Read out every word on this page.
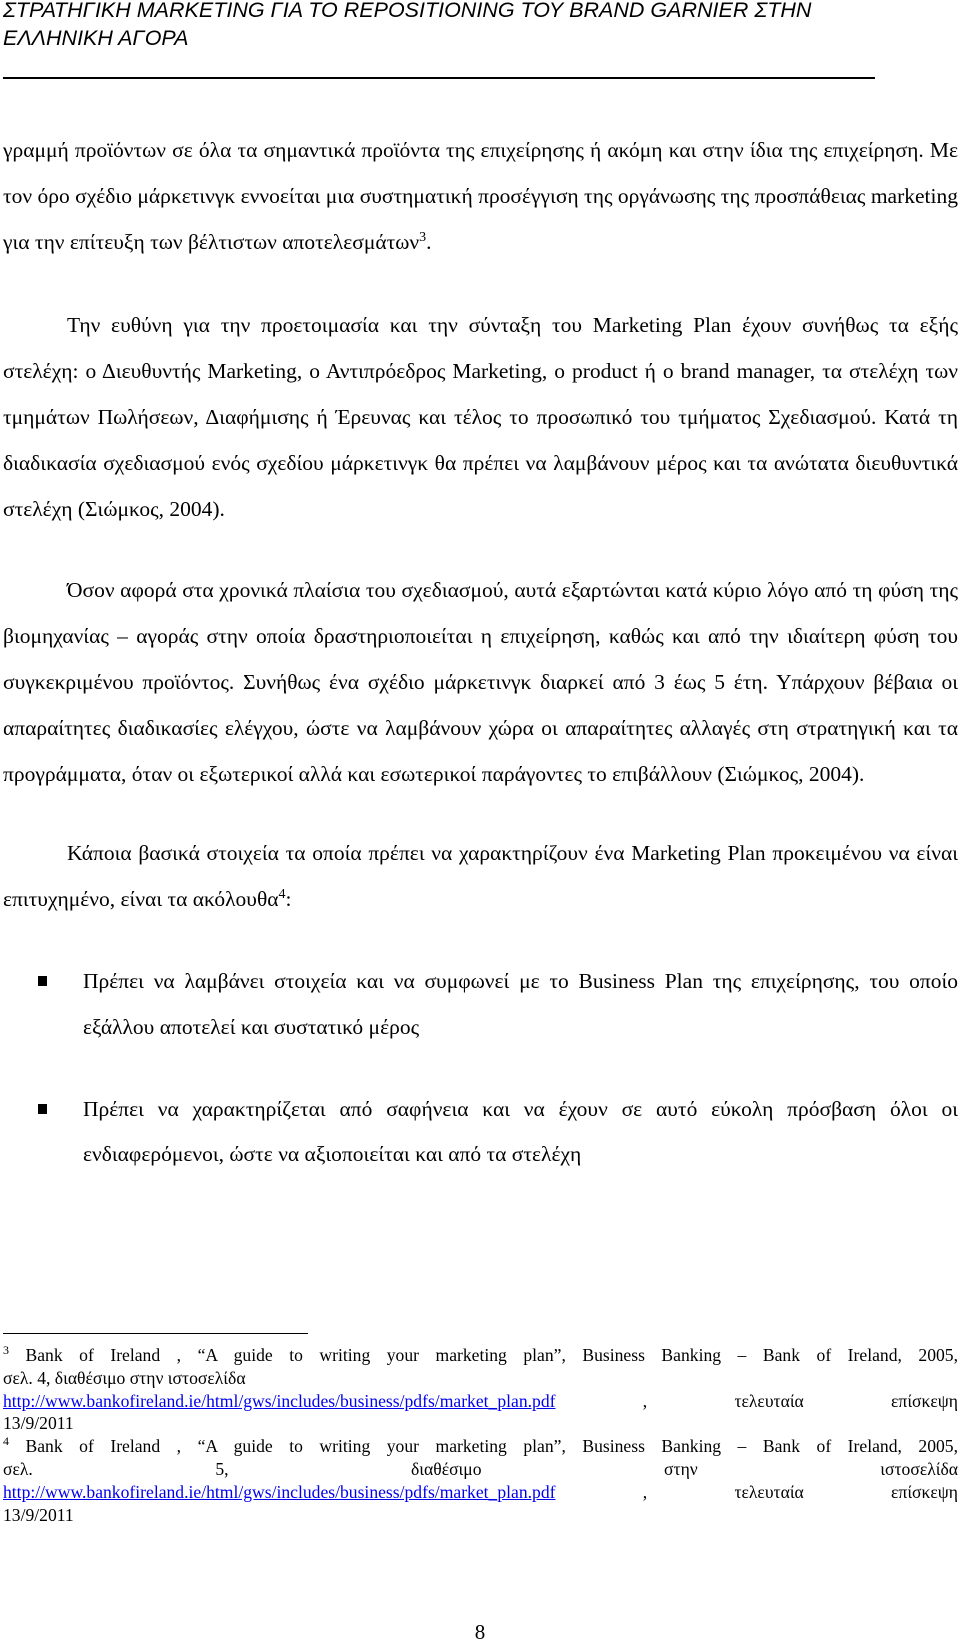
ΣΤΡΑΤΗΓΙΚΗ MARKETING ΓΙΑ ΤΟ REPOSITIONING ΤΟΥ BRAND GARNIER ΣΤΗΝ ΕΛΛΗΝΙΚΗ ΑΓΟΡΑ

γραμμή προϊόντων σε όλα τα σημαντικά προϊόντα της επιχείρησης ή ακόμη και στην ίδια της επιχείρηση. Με τον όρο σχέδιο μάρκετινγκ εννοείται μια συστηματική προσέγγιση της οργάνωσης της προσπάθειας marketing για την επίτευξη των βέλτιστων αποτελεσμάτων$^3$.

Την ευθύνη για την προετοιμασία και την σύνταξη του Marketing Plan έχουν συνήθως τα εξής στελέχη: ο Διευθυντής Marketing, ο Αντιπρόεδρος Marketing, ο product ή ο brand manager, τα στελέχη των τμημάτων Πωλήσεων, Διαφήμισης ή Έρευνας και τέλος το προσωπικό του τμήματος Σχεδιασμού. Κατά τη διαδικασία σχεδιασμού ενός σχεδίου μάρκετινγκ θα πρέπει να λαμβάνουν μέρος και τα ανώτατα διευθυντικά στελέχη (Σιώμκος, 2004).

Όσον αφορά στα χρονικά πλαίσια του σχεδιασμού, αυτά εξαρτώνται κατά κύριο λόγο από τη φύση της βιομηχανίας – αγοράς στην οποία δραστηριοποιείται η επιχείρηση, καθώς και από την ιδιαίτερη φύση του συγκεκριμένου προϊόντος. Συνήθως ένα σχέδιο μάρκετινγκ διαρκεί από 3 έως 5 έτη. Υπάρχουν βέβαια οι απαραίτητες διαδικασίες ελέγχου, ώστε να λαμβάνουν χώρα οι απαραίτητες αλλαγές στη στρατηγική και τα προγράμματα, όταν οι εξωτερικοί αλλά και εσωτερικοί παράγοντες το επιβάλλουν (Σιώμκος, 2004).

Κάποια βασικά στοιχεία τα οποία πρέπει να χαρακτηρίζουν ένα Marketing Plan προκειμένου να είναι επιτυχημένο, είναι τα ακόλουθα$^4$:

Πρέπει να λαμβάνει στοιχεία και να συμφωνεί με το Business Plan της επιχείρησης, του οποίο εξάλλου αποτελεί και συστατικό μέρος
Πρέπει να χαρακτηρίζεται από σαφήνεια και να έχουν σε αυτό εύκολη πρόσβαση όλοι οι ενδιαφερόμενοι, ώστε να αξιοποιείται και από τα στελέχη

$^3$ Bank of Ireland , “A guide to writing your marketing plan”, Business Banking – Bank of Ireland, 2005,

σελ. 4, διαθέσιμο στην ιστοσελίδα

http://www.bankofireland.ie/html/gws/includes/business/pdfs/market_plan.pdf	, τελευταία επίσκεψη

13/9/2011

$^4$ Bank of Ireland , “A guide to writing your marketing plan”, Business Banking – Bank of Ireland, 2005,

σελ. 5, διαθέσιμο στην ιστοσελίδα

http://www.bankofireland.ie/html/gws/includes/business/pdfs/market_plan.pdf	, τελευταία επίσκεψη

13/9/2011

8
